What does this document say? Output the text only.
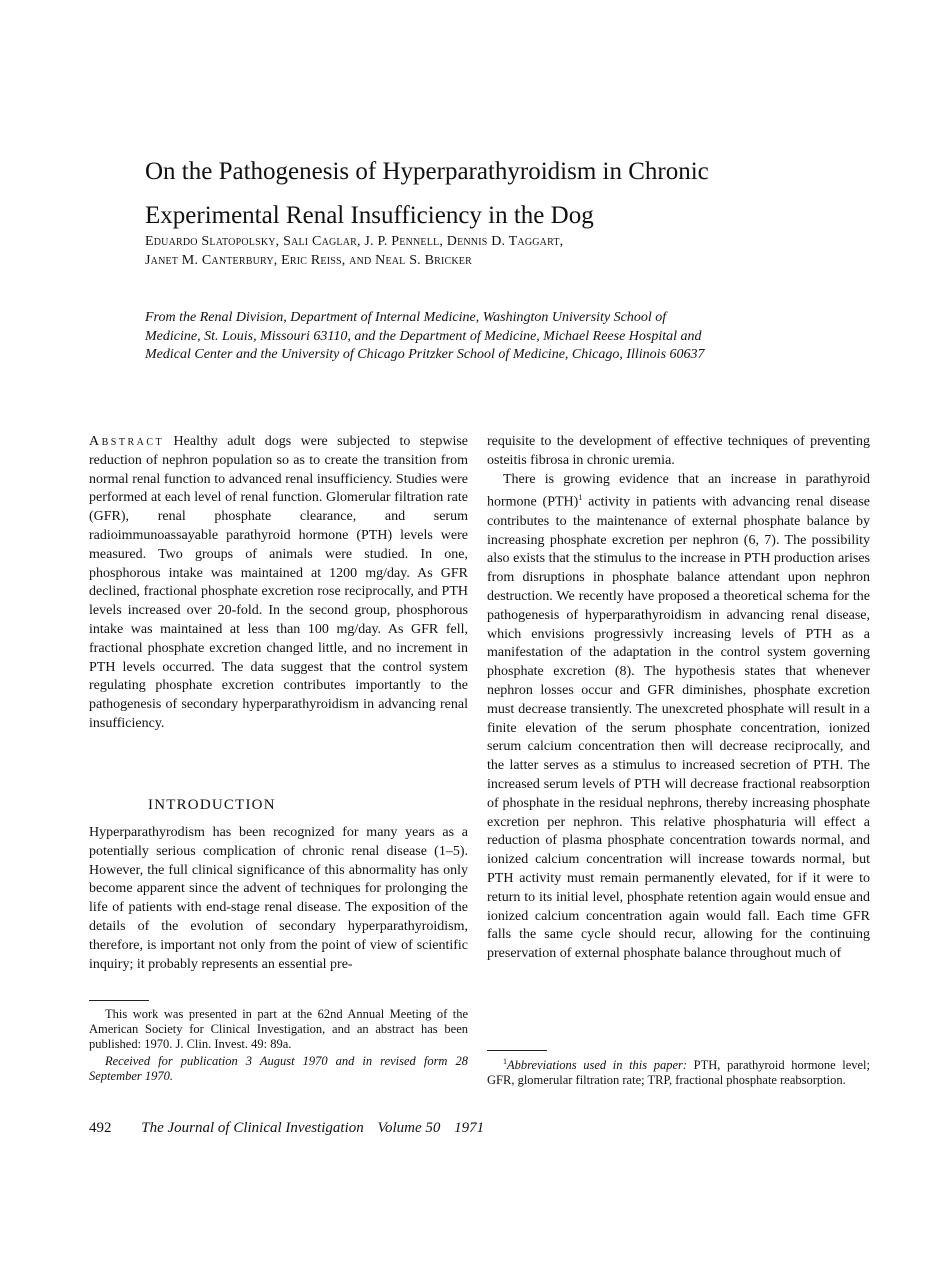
On the Pathogenesis of Hyperparathyroidism in Chronic
Experimental Renal Insufficiency in the Dog
Eduardo Slatopolsky, Sali Caglar, J. P. Pennell, Dennis D. Taggart,
Janet M. Canterbury, Eric Reiss, and Neal S. Bricker
From the Renal Division, Department of Internal Medicine, Washington University School of Medicine, St. Louis, Missouri 63110, and the Department of Medicine, Michael Reese Hospital and Medical Center and the University of Chicago Pritzker School of Medicine, Chicago, Illinois 60637
Abstract Healthy adult dogs were subjected to stepwise reduction of nephron population so as to create the transition from normal renal function to advanced renal insufficiency. Studies were performed at each level of renal function. Glomerular filtration rate (GFR), renal phosphate clearance, and serum radioimmunoassayable parathyroid hormone (PTH) levels were measured. Two groups of animals were studied. In one, phosphorous intake was maintained at 1200 mg/day. As GFR declined, fractional phosphate excretion rose reciprocally, and PTH levels increased over 20-fold. In the second group, phosphorous intake was maintained at less than 100 mg/day. As GFR fell, fractional phosphate excretion changed little, and no increment in PTH levels occurred. The data suggest that the control system regulating phosphate excretion contributes importantly to the pathogenesis of secondary hyperparathyroidism in advancing renal insufficiency.
INTRODUCTION
Hyperparathyrodism has been recognized for many years as a potentially serious complication of chronic renal disease (1–5). However, the full clinical significance of this abnormality has only become apparent since the advent of techniques for prolonging the life of patients with end-stage renal disease. The exposition of the details of the evolution of secondary hyperparathyroidism, therefore, is important not only from the point of view of scientific inquiry; it probably represents an essential pre-

requisite to the development of effective techniques of preventing osteitis fibrosa in chronic uremia.

There is growing evidence that an increase in parathyroid hormone (PTH)$^1$ activity in patients with advancing renal disease contributes to the maintenance of external phosphate balance by increasing phosphate excretion per nephron (6, 7). The possibility also exists that the stimulus to the increase in PTH production arises from disruptions in phosphate balance attendant upon nephron destruction. We recently have proposed a theoretical schema for the pathogenesis of hyperparathyroidism in advancing renal disease, which envisions progressivly increasing levels of PTH as a manifestation of the adaptation in the control system governing phosphate excretion (8). The hypothesis states that whenever nephron losses occur and GFR diminishes, phosphate excretion must decrease transiently. The unexcreted phosphate will result in a finite elevation of the serum phosphate concentration, ionized serum calcium concentration then will decrease reciprocally, and the latter serves as a stimulus to increased secretion of PTH. The increased serum levels of PTH will decrease fractional reabsorption of phosphate in the residual nephrons, thereby increasing phosphate excretion per nephron. This relative phosphaturia will effect a reduction of plasma phosphate concentration towards normal, and ionized calcium concentration will increase towards normal, but PTH activity must remain permanently elevated, for if it were to return to its initial level, phosphate retention again would ensue and ionized calcium concentration again would fall. Each time GFR falls the same cycle should recur, allowing for the continuing preservation of external phosphate balance throughout much of

This work was presented in part at the 62nd Annual Meeting of the American Society for Clinical Investigation, and an abstract has been published: 1970. J. Clin. Invest. 49: 89a.

Received for publication 3 August 1970 and in revised form 28 September 1970.

$^1$Abbreviations used in this paper: PTH, parathyroid hormone level; GFR, glomerular filtration rate; TRP, fractional phosphate reabsorption.
492 The Journal of Clinical Investigation Volume 50 1971
